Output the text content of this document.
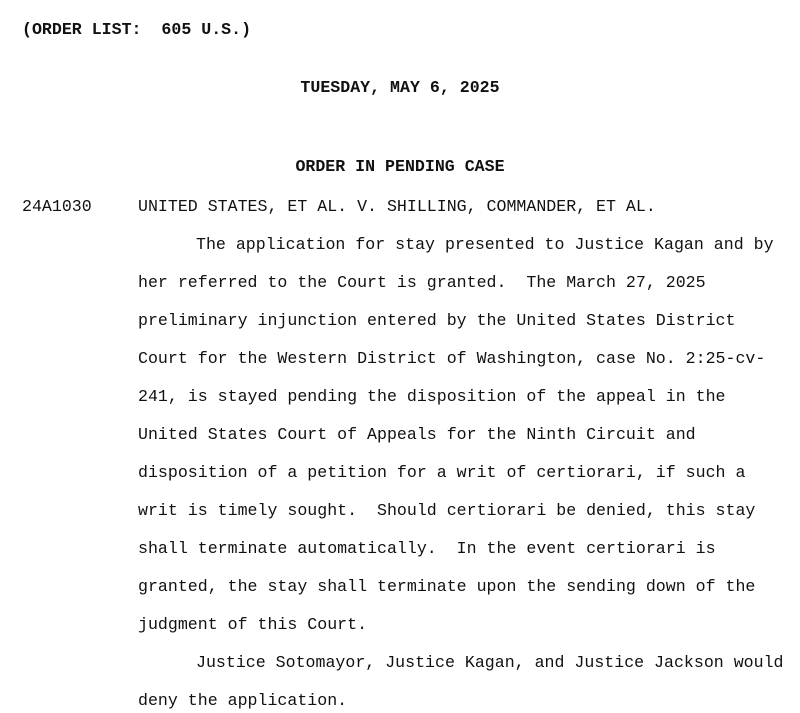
(ORDER LIST:  605 U.S.)
TUESDAY, MAY 6, 2025
ORDER IN PENDING CASE
24A1030	UNITED STATES, ET AL. V. SHILLING, COMMANDER, ET AL.
The application for stay presented to Justice Kagan and by
her referred to the Court is granted.  The March 27, 2025
preliminary injunction entered by the United States District
Court for the Western District of Washington, case No. 2:25-cv-
241, is stayed pending the disposition of the appeal in the
United States Court of Appeals for the Ninth Circuit and
disposition of a petition for a writ of certiorari, if such a
writ is timely sought.  Should certiorari be denied, this stay
shall terminate automatically.  In the event certiorari is
granted, the stay shall terminate upon the sending down of the
judgment of this Court.
Justice Sotomayor, Justice Kagan, and Justice Jackson would
deny the application.
